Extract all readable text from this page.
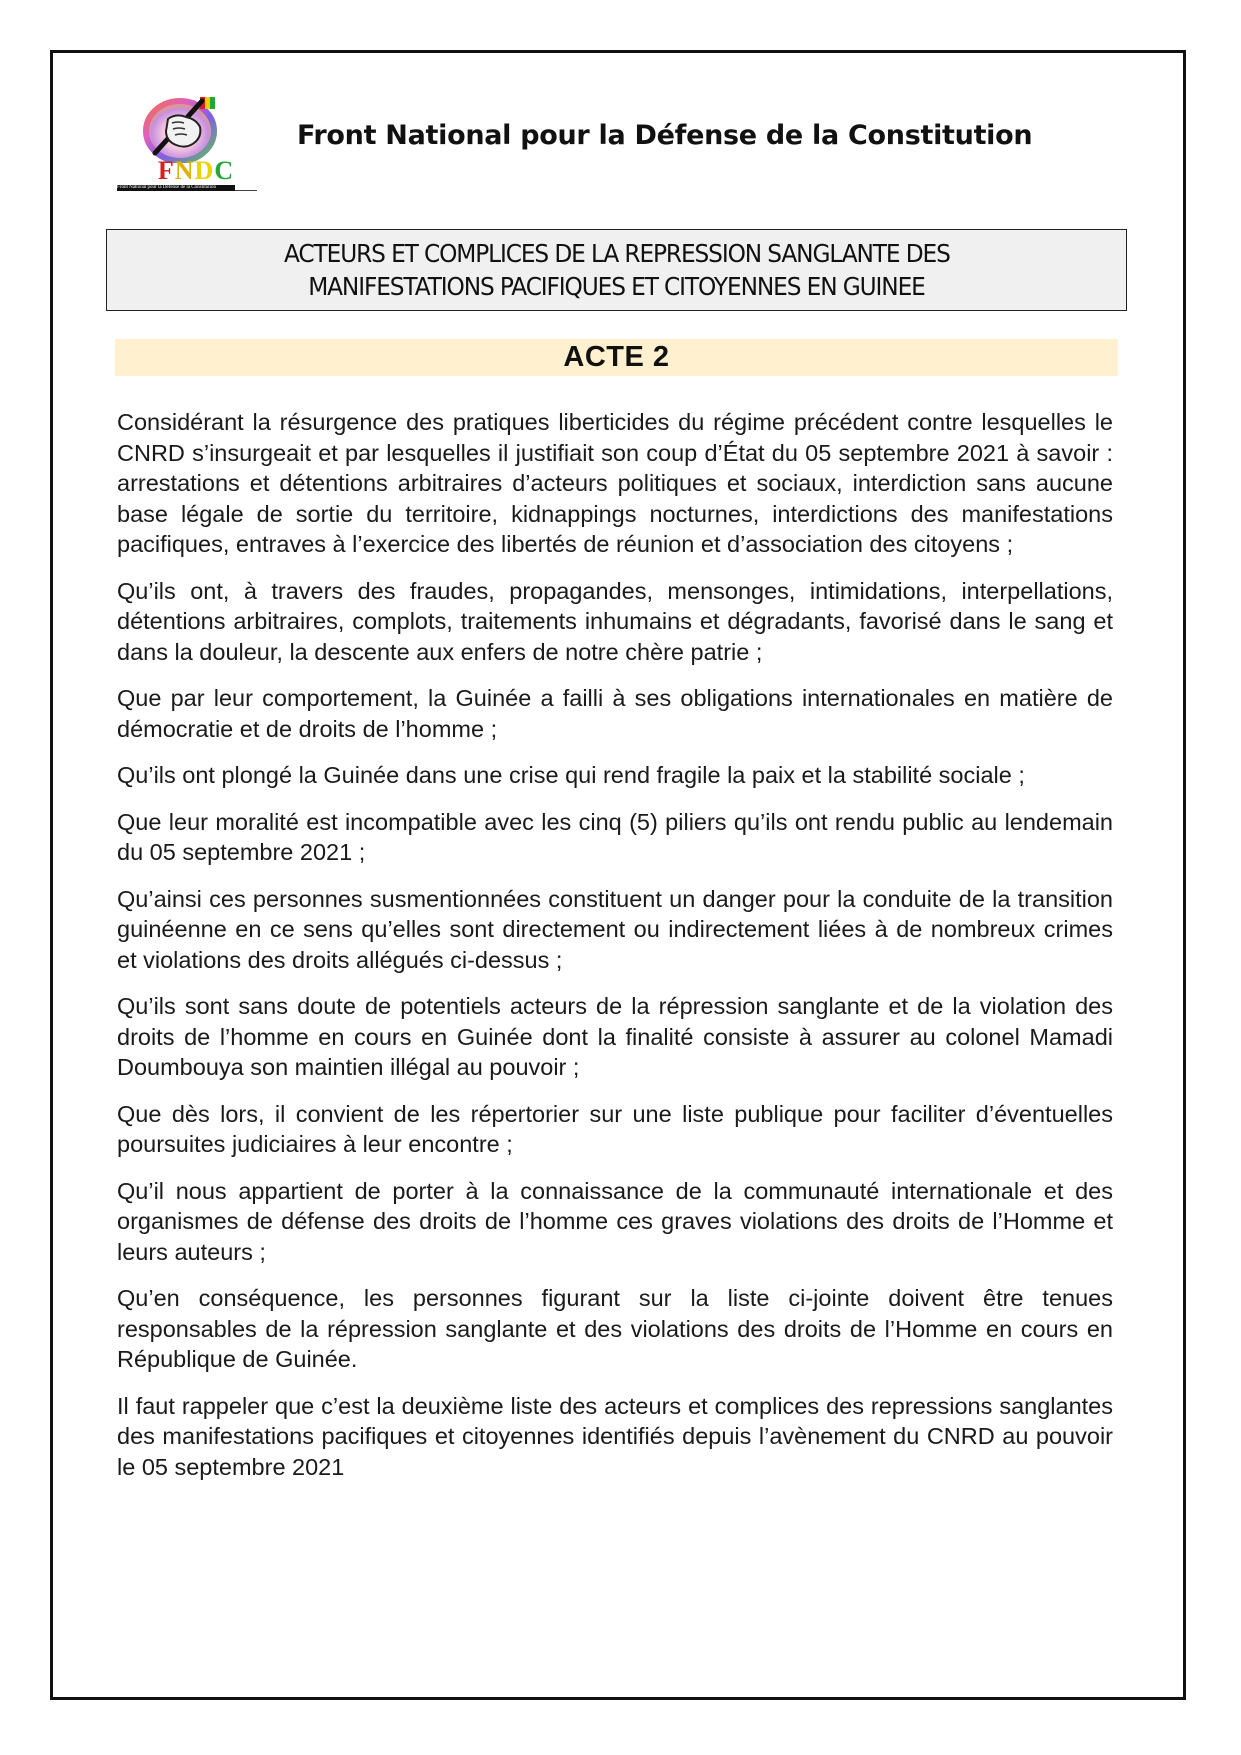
FNDC
Front National pour la Défense de la Constitution
Front National pour la Défense de la Constitution
ACTEURS ET COMPLICES DE LA REPRESSION SANGLANTE DES
MANIFESTATIONS PACIFIQUES ET CITOYENNES EN GUINEE
ACTE 2

Considérant la résurgence des pratiques liberticides du régime précédent contre lesquelles le CNRD s’insurgeait et par lesquelles il justifiait son coup d’État du 05 septembre 2021 à savoir : arrestations et détentions arbitraires d’acteurs politiques et sociaux, interdiction sans aucune base légale de sortie du territoire, kidnappings nocturnes, interdictions des manifestations pacifiques, entraves à l’exercice des libertés de réunion et d’association des citoyens ;

Qu’ils ont, à travers des fraudes, propagandes, mensonges, intimidations, interpellations, détentions arbitraires, complots, traitements inhumains et dégradants, favorisé dans le sang et dans la douleur, la descente aux enfers de notre chère patrie ;

Que par leur comportement, la Guinée a failli à ses obligations internationales en matière de démocratie et de droits de l’homme ;

Qu’ils ont plongé la Guinée dans une crise qui rend fragile la paix et la stabilité sociale ;

Que leur moralité est incompatible avec les cinq (5) piliers qu’ils ont rendu public au lendemain du 05 septembre 2021 ;

Qu’ainsi ces personnes susmentionnées constituent un danger pour la conduite de la transition guinéenne en ce sens qu’elles sont directement ou indirectement liées à de nombreux crimes et violations des droits allégués ci-dessus ;

Qu’ils sont sans doute de potentiels acteurs de la répression sanglante et de la violation des droits de l’homme en cours en Guinée dont la finalité consiste à assurer au colonel Mamadi Doumbouya son maintien illégal au pouvoir ;

Que dès lors, il convient de les répertorier sur une liste publique pour faciliter d’éventuelles poursuites judiciaires à leur encontre ;

Qu’il nous appartient de porter à la connaissance de la communauté internationale et des organismes de défense des droits de l’homme ces graves violations des droits de l’Homme et leurs auteurs ;

Qu’en conséquence, les personnes figurant sur la liste ci-jointe doivent être tenues responsables de la répression sanglante et des violations des droits de l’Homme en cours en République de Guinée.

Il faut rappeler que c’est la deuxième liste des acteurs et complices des repressions sanglantes des manifestations pacifiques et citoyennes identifiés depuis l’avènement du CNRD au pouvoir le 05 septembre 2021
